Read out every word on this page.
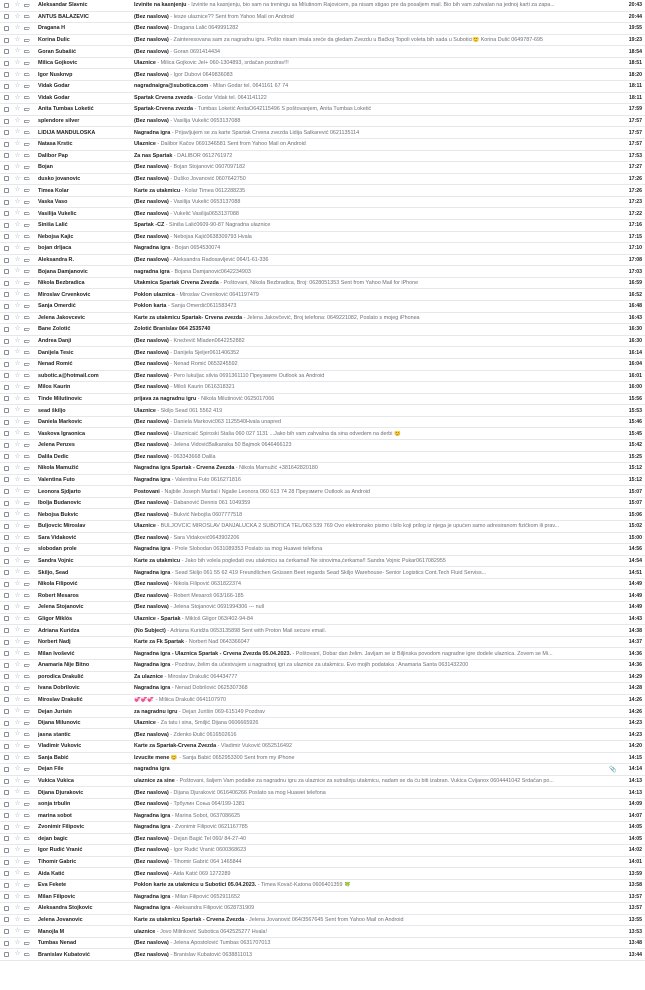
☆	Aleksandar Slavnic	Izvinite na kasnjenju - Izvinite na kasnjenju, bio sam na treningu sa Milutinom Rajovicem, pa nisam stigao pre da posaljem mail. Bio bih vam zahvalan na jednoj karti za zapa...	20:43
☆	ANTUS BALAZEVIC	(Bez naslova) - Iesze ulaznice?? Sent from Yahoo Mail on Android	20:44
☆	Dragana H	(Bez naslova) - Dragana Lalić 0649991282	19:55
☆	Korina Dulic	(Bez naslova) - Zainteresovana sam za nagradnu igru. Pošto nisam imala sreće da gledam Zvezdu u Bačkoj Topoli voleta bih sada u Subotici🙂 Korina Dulić 0649787-695	19:23
☆	Goran Subašić	(Bez naslova) - Goran 0691414434	18:54
☆	Milica Gojkovic	Ulaznice - Milica Gojkovic Jel+ 060-1304893, srdačan pozdrav!!!	18:51
☆	Igor Nusknvp	(Bez naslova) - Igor Dubovi 0649836083	18:20
☆	Vidak Godar	nagradnaigra@subotica.com - Milan Godar tel. 0641161 67 74	18:11
☆	Vidak Godar	Spartak Crvena zvezda - Godar Vidak tel. 0641141122	18:11
☆	Anita Tumbas Loketić	Spartak-Crvena zvezda - Tumbas Loketić AnitaO642115496 S poštovanjem, Anita Tumbas Loketić	17:59
☆	splendore silver	(Bez naslova) - Vasilija Vukelić 0653137088	17:57
☆	LIDIJA MANDULOSKA	Nagradna igra - Prijavljujem se za karte Spartak Crvena zvezda Lidija Šalkarević 0621135114	17:57
☆	Natasa Krstic	Ulaznice - Dalibor Kačov 0691346581 Sent from Yahoo Mail on Android	17:57
☆	Dalibor Pap	Za nas Spartak - DALIBOR 0612761972	17:53
☆	Bojan	(Bez naslova) - Bojan Stojanović 0607097182	17:27
☆	dusko jovanovic	(Bez naslova) - Duško Jovanović 0607642750	17:26
☆	Timea Kolar	Karte za utakmicu - Kolar Timea 0612288235	17:26
☆	Vaska Vaso	(Bez naslova) - Vasilija Vukelić 0653137088	17:23
☆	Vasilija Vukelic	(Bez naslova) - Vukelić Vasilija0653137088	17:22
☆	Siniša Lalić	Spartak -CZ - Siniša Lalić0609-90-87 Nagradna ulaznice	17:16
☆	Nebojsa Kajic	(Bez naslova) - Nebojsa Kajić0638309793 Hvala	17:15
☆	bojan drljaca	Nagradna igra - Bojan 0654530074	17:10
☆	Aleksandra R.	(Bez naslova) - Aleksandra Radosavljević 064/1-61-336	17:08
☆	Bojana Damjanovic	nagradna igra - Bojana Damjanović0642234903	17:03
☆	Nikola Bezbradica	Utakmica Spartak Crvena Zvezda - Poštovani, Nikola Bezbradica, Broj: 0628051353 Sent from Yahoo Mail for iPhone	16:59
☆	Miroslav Crvenkovic	Poklon ulaznica - Miroslav Crvenković 0641197479	16:52
☆	Sanja Omerdić	Poklon karta - Sanja Omerdić0611583473	16:48
☆	Jelena Jakovcevic	Karte za utakmicu Spartak- Crvena zvezda - Jelena Jakovčević, Broj telefona: 0649221082, Poslato s mojeg iPhonea	16:43
☆	Bane Zolotić	Zolotić Branislav 064 2535740	16:30
☆	Andrea Danji	(Bez naslova) - Kneževič Mladen0642252882	16:30
☆	Danijela Tesic	(Bez naslova) - Danijela Sjeljer0611406352	16:14
☆	Nenad Romić	(Bez naslova) - Nenad Romić 0653245592	16:04
☆	subotic.a@hotmail.com	(Bez naslova) - Pero lukuljac silvia 0691361110 Преузмите Outlook за Android	16:01
☆	Milos Kaurin	(Bez naslova) - Miloš Kaurin 0616318321	16:00
☆	Tinde Milutinovic	prijava za nagradnu igru - Nikola Milutinović 0625017066	15:56
☆	sead škiljo	Ulaznice - Škiljo Sead 061 5562 419	15:53
☆	Daniela Markovic	(Bez naslova) - Daniela Marković063 1125540Hvala unapred	15:46
☆	Vaskova Igraonica	(Bez naslova) - Ulaznicaić Spiroski Staša 060 027 1131 ...Jako bih vam zahvalna da sina odvedem na derbi 😊	15:45
☆	Jelena Penzes	(Bez naslova) - Jelena VidovićBalkanska 50 Bajmok 0646466123	15:42
☆	Dalila Dedic	(Bez naslova) - 063343668 Dalila	15:25
☆	Nikola Mamužić	Nagradna igra Spartak - Crvena Zvezda - Nikola Mamužić +381642820180	15:12
☆	Valentina Futo	Nagradna igra - Valentina Futo 0616271816	15:12
☆	Leonora Sjdjarto	Postovani - Najbile Joseph Martial i Ngalie Leonora 060 613 74 28 Преузмите Outlook за Android	15:07
☆	Ibolja Budanovic	(Bez naslova) - Dabanović Dennis 061 1049359	15:07
☆	Nebojsa Bukvic	(Bez naslova) - Bukvić Nebojša 0607777518	15:06
☆	Buljovcic Miroslav	Ulaznice - BULJOVČIĆ MIROSLAV DANJALUČKA 2 SUBOTICA TEL/063 539 769 Ovo elektronsko pismo i bilo koji prilog iz njega je upućen samo adresiranom fizičkom ili prav...	15:02
☆	Sara Vidaković	(Bez naslova) - Sara Vidaković0643902206	15:00
☆	slobodan prole	Nagradna igra - Prole Slobodan 0631089353 Poslato sa mog Huawei telefona	14:56
☆	Sandra Vojnic	Karte za utakmicu - Jako bih volela pogledati ovu utakmicu sa ćerkamal! Ne sinovima,ćerkama!! Sandra Vojnic Pukar0617082955	14:54
☆	Škiljo, Sead	Nagradna igra - Sead Škiljo 061 55 62 419 Freundlichen Grüssen Beet regards Sead Škiljo Warehouse- Senior Logistics Cont.Tech Fluid Serviss...	14:51
☆	Nikola Filipović	(Bez naslova) - Nikola Filipović 0631822374	14:49
☆	Robert Mesaros	(Bez naslova) - Robert Mesaroš 063/166-185	14:49
☆	Jelena Stojanovic	(Bez naslova) - Jelena Stojanović 0691994306 --- null	14:49
☆	Gligor Miklós	Ulaznice - Spartak - Mikloš Gligor 063/402-94-84	14:43
☆	Adriana Kuridza	(No Subject) - Adriana Kuridža 0653135898 Sent with Proton Mail secure email.	14:38
☆	Norbert Nadj	Karte za Fk Spartak - Norbert Nađ 0643366047	14:37
☆	Milan Ivošević	Nagradna igra - Ulaznica Spartak - Crvena Zvezda 05.04.2023. - Poštovani, Dobar dan želim. Javljam se iz Biljinska povodom nagradne igre dodele ulaznica. Zovem se Mi...	14:36
☆	Anamaria Nije Bitno	Nagradna igra - Pozdrav, želim da učestvujem u nagradnoj igri za ulaznice za utakmicu. Evo mojih podataka : Anamaria Šanta 0631432200	14:36
☆	porodica Drakulić	Za ulaznice - Miroslav Drakulić 064434777	14:29
☆	Ivana Dobrilovic	Nagradna igra - Nenad Dobrilović 0625307368	14:28
☆	Miroslav Drakulić	💞💞💞 - Miliica Drakulić 0641107970	14:26
☆	Dejan Jurisin	za nagradnu igru - Dejan Jurišin 069-615149 Pozdrav	14:26
☆	Dijana Milunovic	Ulaznice - Za tatu i sina, Smiljić Dijana 0606665926	14:23
☆	jasna stantic	(Bez naslova) - Zdenko Đulić 0616502616	14:23
☆	Vladimir Vukovic	Karte za Spartak-Crvena Zvezda - Vladimir Vuković 0652516492	14:20
☆	Sanja Babić	Izvucite mene 😊 - Sanja Babić 0652953300 Sent from my iPhone	14:15
☆	Dejan File	nagradna igra	📎	14:14
☆	Vukica Vukica	ulaznice za sine - Poštovani, šaljem Vam podatke za nagradnu igru za ulaznice za sutrašnju utakmicu, nadam se da ću biti izabran. Vukica Cvijanox 0604441042 Srdačan po...	14:13
☆	Dijana Djurakovic	(Bez naslova) - Dijana Djuraković 0616406266 Poslato sa mog Huawei telefona	14:13
☆	sonja trbulin	(Bez naslova) - Трбулин Соња 064/199-1381	14:09
☆	marina sobot	Nagradna igra - Marina Šobot, 0637086625	14:07
☆	Zvonimir Filipovic	Nagradna igra - Zvonimir Filipović 0621167785	14:05
☆	dejan bagic	(Bez naslova) - Dejan Bagić Tel 060/ 84-27-40	14:05
☆	Igor Rudić Vranić	(Bez naslova) - Igor Rudić Vranić 0600368623	14:02
☆	Tihomir Gabric	(Bez naslova) - Tihomir Gabrić 064 1465844	14:01
☆	Aida Katić	(Bez naslova) - Aida Katić 069 1272289	13:59
☆	Éva Fekete	Poklon karte za utakmicu u Subotici 05.04.2023. - Timea Kovač-Katona 0606401359 🍀	13:58
☆	Milan Filipovic	Nagradna igra - Milan Filipović 0652911652	13:57
☆	Aleksandra Stojkovic	Nagradna igra - Aleksandra Filipović 0628731909	13:57
☆	Jelena Jovanovic	Karte za utakmicu Spartak - Crvena Zvezda - Jelena Jovanović 064/3567645 Sent from Yahoo Mail on Android	13:55
☆	Manojla M	ulaznice - Jovo Milinković Subotica 0642525277 Hvala!	13:53
☆	Tumbas Nenad	(Bez naslova) - Jelena Apostolović Tumbas 0631707013	13:48
☆	Branislav Kubatović	(Bez naslova) - Branislav Kubatović 0638811013	13:44
